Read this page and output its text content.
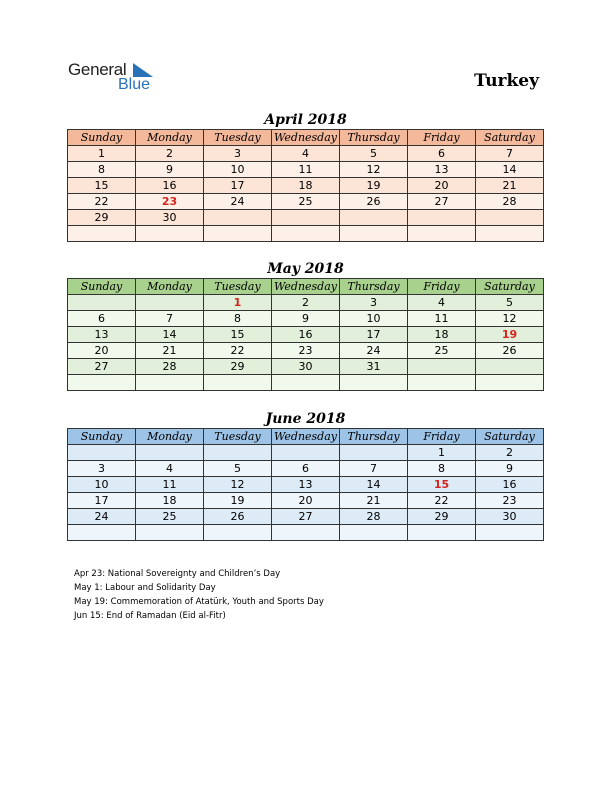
General
Blue	Turkey
April 2018
Sunday	Monday	Tuesday	Wednesday	Thursday	Friday	Saturday
1	2	3	4	5	6	7
8	9	10	11	12	13	14
15	16	17	18	19	20	21
22	23	24	25	26	27	28
29	30					

May 2018
Sunday	Monday	Tuesday	Wednesday	Thursday	Friday	Saturday
		1	2	3	4	5
6	7	8	9	10	11	12
13	14	15	16	17	18	19
20	21	22	23	24	25	26
27	28	29	30	31		

June 2018
Sunday	Monday	Tuesday	Wednesday	Thursday	Friday	Saturday
					1	2
3	4	5	6	7	8	9
10	11	12	13	14	15	16
17	18	19	20	21	22	23
24	25	26	27	28	29	30

Apr 23: National Sovereignty and Children’s Day
May 1: Labour and Solidarity Day
May 19: Commemoration of Atatürk, Youth and Sports Day
Jun 15: End of Ramadan (Eid al-Fitr)
